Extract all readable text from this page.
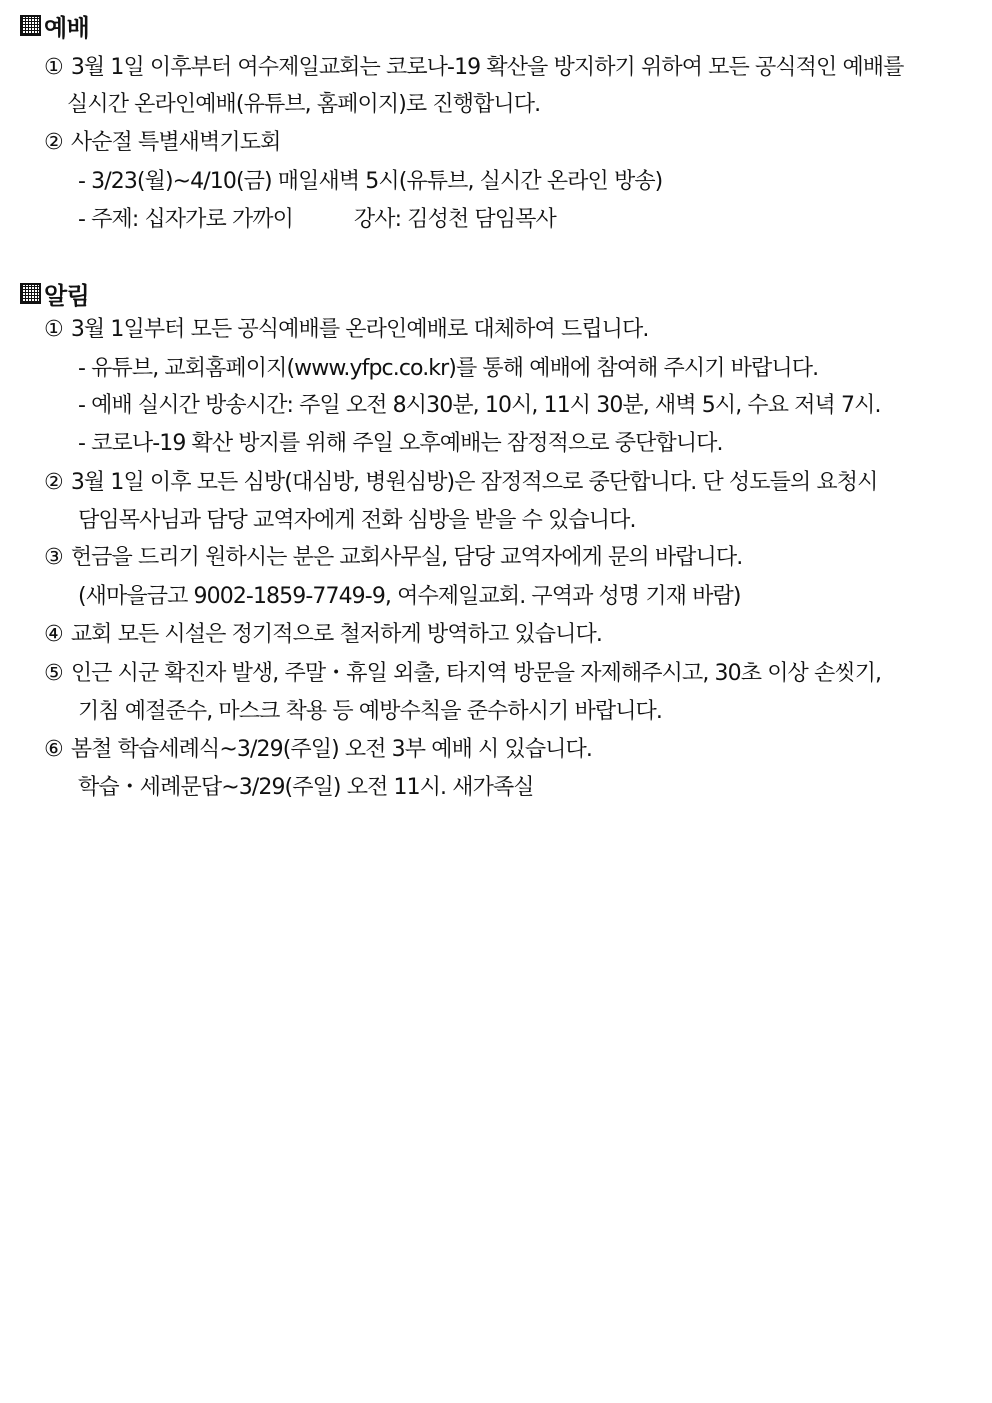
예배
① 3월 1일 이후부터 여수제일교회는 코로나-19 확산을 방지하기 위하여 모든 공식적인 예배를
실시간 온라인예배(유튜브, 홈페이지)로 진행합니다.
② 사순절 특별새벽기도회
- 3/23(월)~4/10(금) 매일새벽 5시(유튜브, 실시간 온라인 방송)
- 주제: 십자가로 가까이          강사: 김성천 담임목사
알림
① 3월 1일부터 모든 공식예배를 온라인예배로 대체하여 드립니다.
- 유튜브, 교회홈페이지(www.yfpc.co.kr)를 통해 예배에 참여해 주시기 바랍니다.
- 예배 실시간 방송시간: 주일 오전 8시30분, 10시, 11시 30분, 새벽 5시, 수요 저녁 7시.
- 코로나-19 확산 방지를 위해 주일 오후예배는 잠정적으로 중단합니다.
② 3월 1일 이후 모든 심방(대심방, 병원심방)은 잠정적으로 중단합니다. 단 성도들의 요청시
담임목사님과 담당 교역자에게 전화 심방을 받을 수 있습니다.
③ 헌금을 드리기 원하시는 분은 교회사무실, 담당 교역자에게 문의 바랍니다.
(새마을금고 9002-1859-7749-9, 여수제일교회. 구역과 성명 기재 바람)
④ 교회 모든 시설은 정기적으로 철저하게 방역하고 있습니다.
⑤ 인근 시군 확진자 발생, 주말・휴일 외출, 타지역 방문을 자제해주시고, 30초 이상 손씻기,
기침 예절준수, 마스크 착용 등 예방수칙을 준수하시기 바랍니다.
⑥ 봄철 학습세례식~3/29(주일) 오전 3부 예배 시 있습니다.
학습・세례문답~3/29(주일) 오전 11시. 새가족실
